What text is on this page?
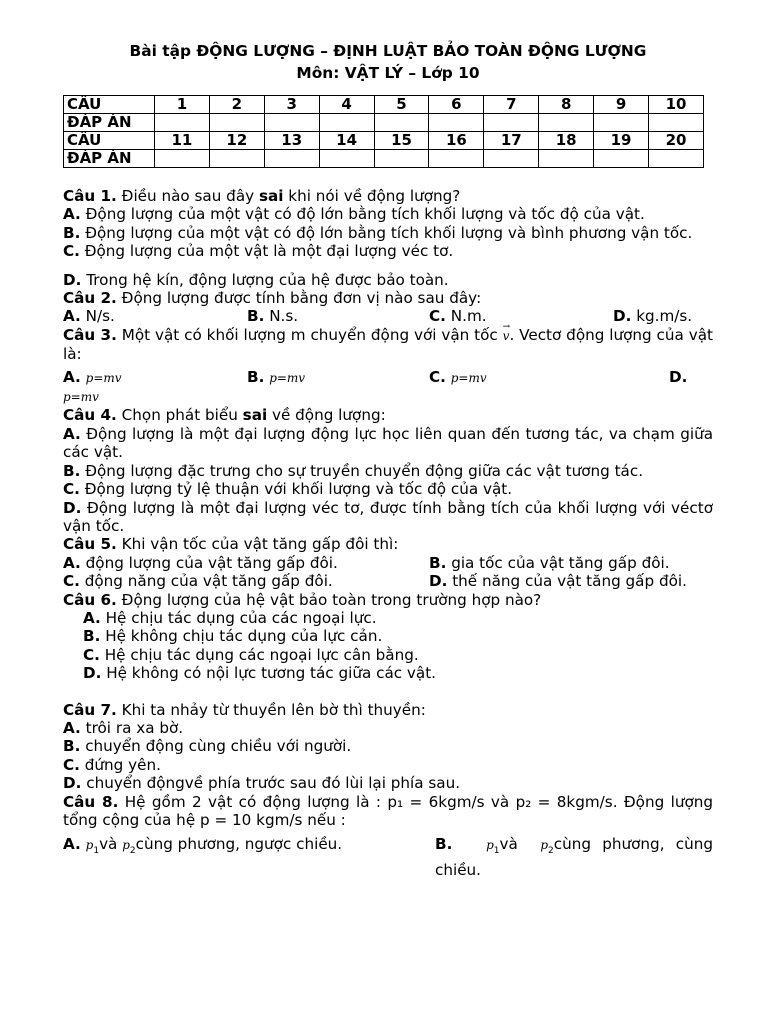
Bài tập ĐỘNG LƯỢNG – ĐỊNH LUẬT BẢO TOÀN ĐỘNG LƯỢNG
Môn: VẬT LÝ – Lớp 10
CÂU	1	2	3	4	5	6	7	8	9	10
ĐÁP ÁN										
CÂU	11	12	13	14	15	16	17	18	19	20
ĐÁP ÁN										

Câu 1. Điều nào sau đây sai khi nói về động lượng?

A. Động lượng của một vật có độ lớn bằng tích khối lượng và tốc độ của vật.

B. Động lượng của một vật có độ lớn bằng tích khối lượng và bình phương vận tốc.

C. Động lượng của một vật là một đại lượng véc tơ.

D. Trong hệ kín, động lượng của hệ được bảo toàn.

Câu 2. Động lượng được tính bằng đơn vị nào sau đây:

A. N/s.	B. N.s.	C. N.m.	D. kg.m/s.

Câu 3. Một vật có khối lượng m chuyển động với vận tốc → v. Vectơ động lượng của vật là:

A. p=mv	B. p=mv	C. p=mv	D.

p=mv

Câu 4. Chọn phát biểu sai về động lượng:

A. Động lượng là một đại lượng động lực học liên quan đến tương tác, va chạm giữa các vật.

B. Động lượng đặc trưng cho sự truyền chuyển động giữa các vật tương tác.

C. Động lượng tỷ lệ thuận với khối lượng và tốc độ của vật.

D. Động lượng là một đại lượng véc tơ, được tính bằng tích của khối lượng với véctơ vận tốc.

Câu 5. Khi vận tốc của vật tăng gấp đôi thì:

A. động lượng của vật tăng gấp đôi.	B. gia tốc của vật tăng gấp đôi.
C. động năng của vật tăng gấp đôi.	D. thế năng của vật tăng gấp đôi.

Câu 6. Động lượng của hệ vật bảo toàn trong trường hợp nào?

A. Hệ chịu tác dụng của các ngoại lực.

B. Hệ không chịu tác dụng của lực cản.

C. Hệ chịu tác dụng các ngoại lực cân bằng.

D. Hệ không có nội lực tương tác giữa các vật.

Câu 7. Khi ta nhảy từ thuyền lên bờ thì thuyền:

A. trôi ra xa bờ.

B. chuyển động cùng chiều với người.

C. đứng yên.

D. chuyển độngvề phía trước sau đó lùi lại phía sau.

Câu 8. Hệ gồm 2 vật có động lượng là : p₁ = 6kgm/s và p₂ = 8kgm/s. Động lượng tổng cộng của hệ p = 10 kgm/s nếu :

A. $p_1và$ $p_2cùng$ phương, ngược chiều.	B.	$p_1và$ $p_2cùng$ phương, cùng chiều.
